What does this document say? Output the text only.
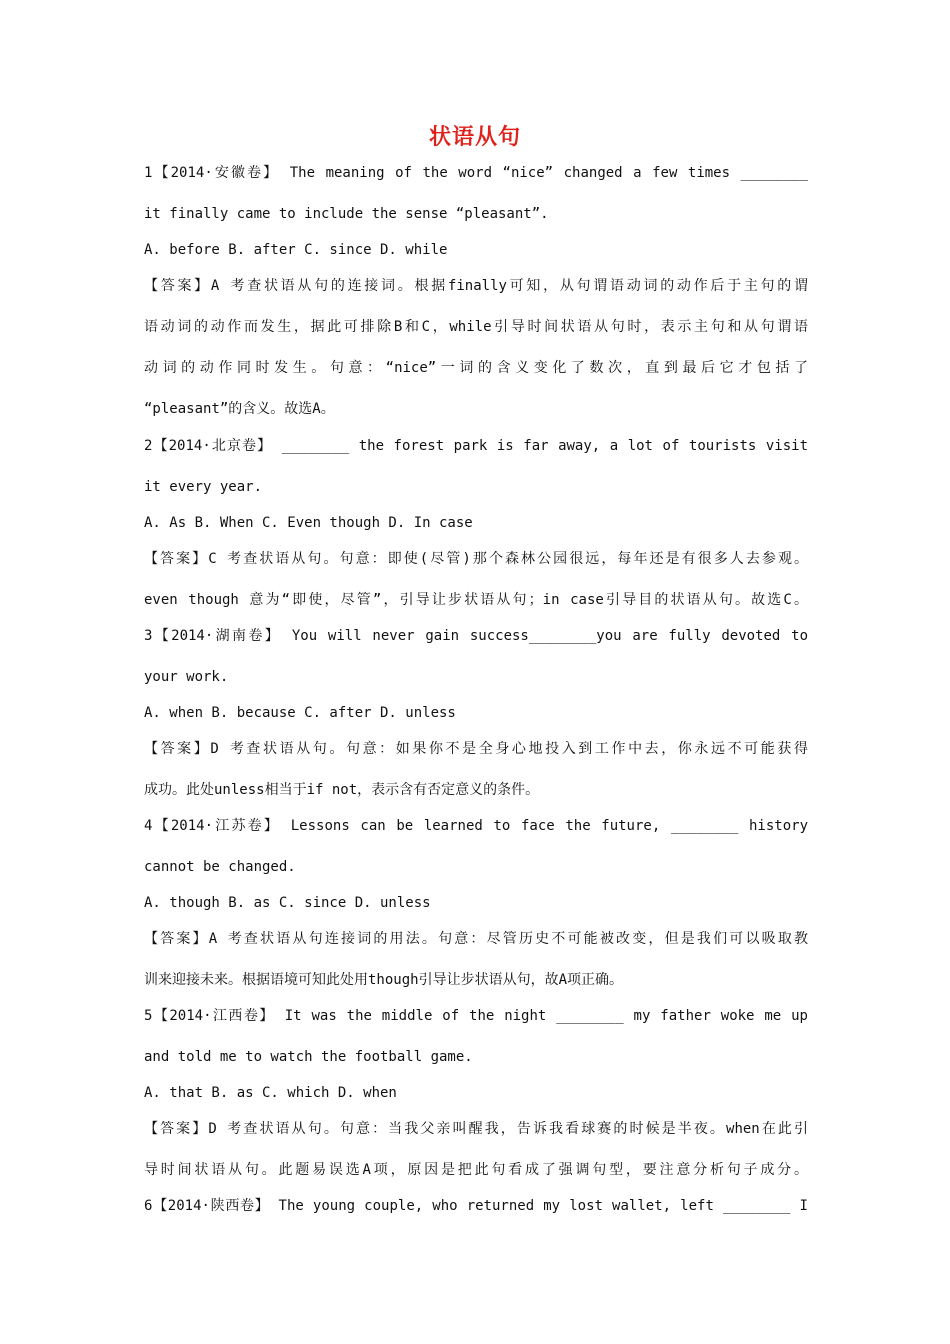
状语从句
1【2014·安徽卷】 The meaning of the word “nice” changed a few times ________
it finally came to include the sense “pleasant”.
A. before B. after C. since D. while
【答案】A 考查状语从句的连接词。根据finally可知，从句谓语动词的动作后于主句的谓
语动词的动作而发生，据此可排除B和C，while引导时间状语从句时，表示主句和从句谓语
动词的动作同时发生。句意：“nice”一词的含义变化了数次，直到最后它才包括了
“pleasant”的含义。故选A。
2【2014·北京卷】 ________ the forest park is far away, a lot of tourists visit
it every year.
A. As B. When C. Even though D. In case
【答案】C 考查状语从句。句意：即使(尽管)那个森林公园很远，每年还是有很多人去参观。
even though 意为“即使，尽管”，引导让步状语从句；in case引导目的状语从句。故选C。
3【2014·湖南卷】 You will never gain success________you are fully devoted to
your work.
A. when B. because C. after D. unless
【答案】D 考查状语从句。句意：如果你不是全身心地投入到工作中去，你永远不可能获得
成功。此处unless相当于if not，表示含有否定意义的条件。
4【2014·江苏卷】 Lessons can be learned to face the future, ________ history
cannot be changed.
A. though B. as C. since D. unless
【答案】A 考查状语从句连接词的用法。句意：尽管历史不可能被改变，但是我们可以吸取教
训来迎接未来。根据语境可知此处用though引导让步状语从句，故A项正确。
5【2014·江西卷】 It was the middle of the night ________ my father woke me up
and told me to watch the football game.
A. that B. as C. which D. when
【答案】D 考查状语从句。句意：当我父亲叫醒我，告诉我看球赛的时候是半夜。when在此引
导时间状语从句。此题易误选A项，原因是把此句看成了强调句型，要注意分析句子成分。
6【2014·陕西卷】 The young couple, who returned my lost wallet, left ________ I
